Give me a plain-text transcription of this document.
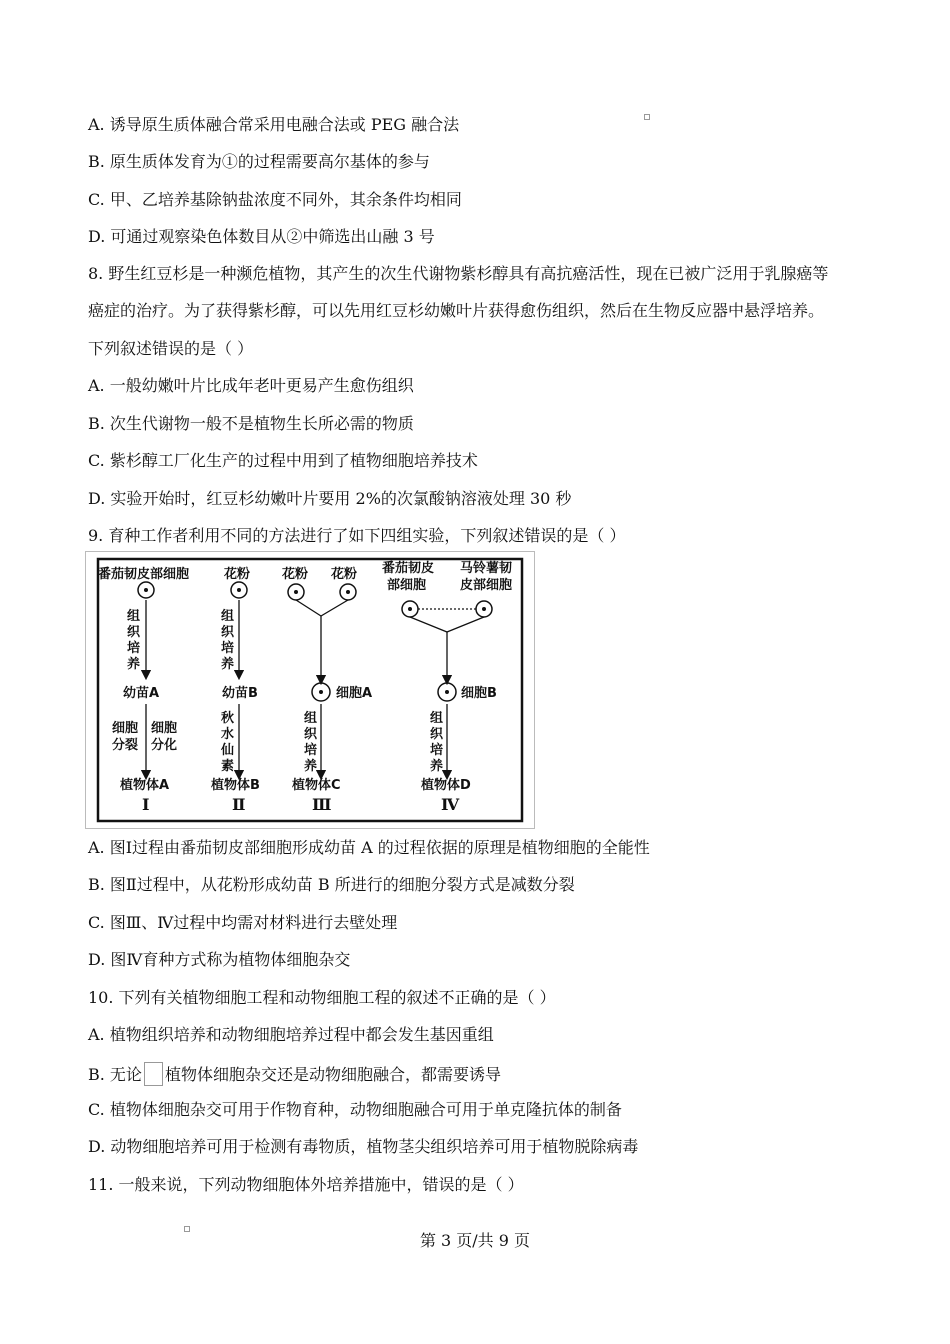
A. 诱导原生质体融合常采用电融合法或 PEG 融合法
B. 原生质体发育为①的过程需要高尔基体的参与
C. 甲、乙培养基除钠盐浓度不同外，其余条件均相同
D. 可通过观察染色体数目从②中筛选出山融 3 号
8. 野生红豆杉是一种濒危植物，其产生的次生代谢物紫杉醇具有高抗癌活性，现在已被广泛用于乳腺癌等
癌症的治疗。为了获得紫杉醇，可以先用红豆杉幼嫩叶片获得愈伤组织，然后在生物反应器中悬浮培养。
下列叙述错误的是（ ）
A. 一般幼嫩叶片比成年老叶更易产生愈伤组织
B. 次生代谢物一般不是植物生长所必需的物质
C. 紫杉醇工厂化生产的过程中用到了植物细胞培养技术
D. 实验开始时，红豆杉幼嫩叶片要用 2%的次氯酸钠溶液处理 30 秒
9. 育种工作者利用不同的方法进行了如下四组实验，下列叙述错误的是（ ）
番茄韧皮部细胞
组
织
培
养
幼苗A
细胞
分裂
细胞
分化
植物体A
Ⅰ
花粉
组
织
培
养
幼苗B
秋
水
仙
素
植物体B
Ⅱ
花粉 花粉
细胞A
组
织
培
养
植物体C
Ⅲ
番茄韧皮
部细胞
马铃薯韧
皮部细胞
细胞B
组
织
培
养
植物体D
Ⅳ
A. 图Ⅰ过程由番茄韧皮部细胞形成幼苗 A 的过程依据的原理是植物细胞的全能性
B. 图Ⅱ过程中，从花粉形成幼苗 B 所进行的细胞分裂方式是减数分裂
C. 图Ⅲ、Ⅳ过程中均需对材料进行去壁处理
D. 图Ⅳ育种方式称为植物体细胞杂交
10. 下列有关植物细胞工程和动物细胞工程的叙述不正确的是（ ）
A. 植物组织培养和动物细胞培养过程中都会发生基因重组
B. 无论 植物体细胞杂交还是动物细胞融合，都需要诱导
C. 植物体细胞杂交可用于作物育种，动物细胞融合可用于单克隆抗体的制备
D. 动物细胞培养可用于检测有毒物质，植物茎尖组织培养可用于植物脱除病毒
11. 一般来说，下列动物细胞体外培养措施中，错误的是（ ）
第 3 页/共 9 页
